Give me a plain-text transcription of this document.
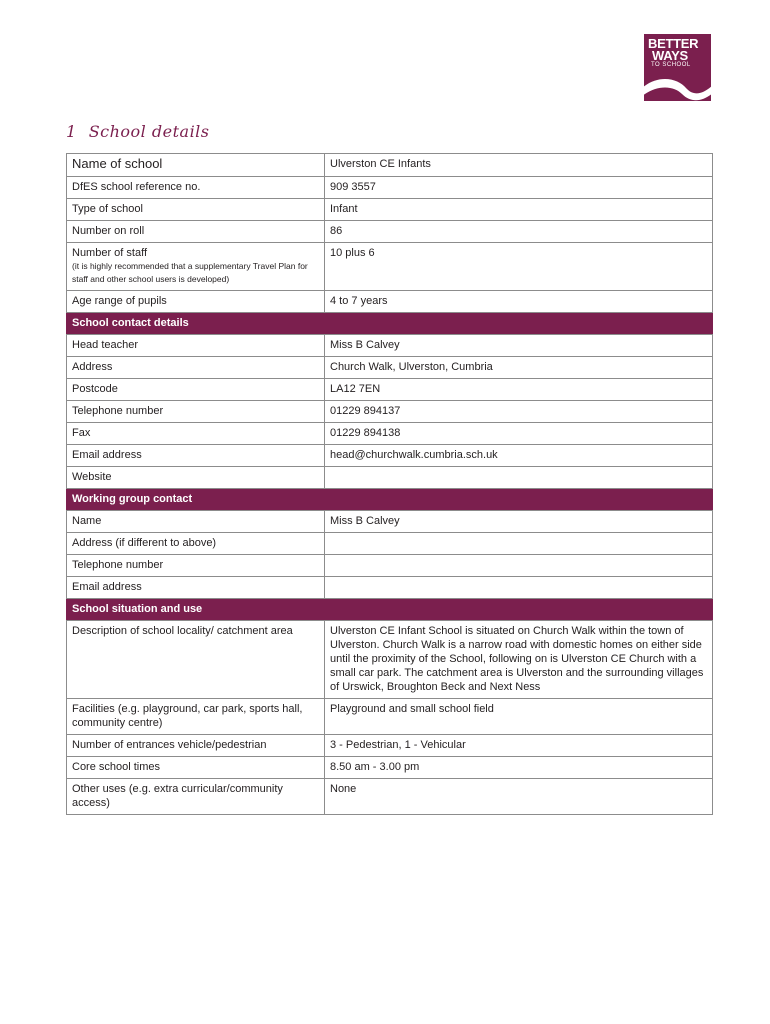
BETTER
WAYS
TO SCHOOL
1 School details
Name of school	Ulverston CE Infants
DfES school reference no.	909 3557
Type of school	Infant
Number on roll	86
Number of staff
(it is highly recommended that a supplementary Travel Plan for staff and other school users is developed)	10 plus 6
Age range of pupils	4 to 7 years
School contact details	
Head teacher	Miss B Calvey
Address	Church Walk, Ulverston, Cumbria
Postcode	LA12 7EN
Telephone number	01229 894137
Fax	01229 894138
Email address	head@churchwalk.cumbria.sch.uk
Website	
Working group contact	
Name	Miss B Calvey
Address (if different to above)	
Telephone number	
Email address	
School situation and use	
Description of school locality/ catchment area	Ulverston CE Infant School is situated on Church Walk within the town of Ulverston. Church Walk is a narrow road with domestic homes on either side until the proximity of the School, following on is Ulverston CE Church with a small car park. The catchment area is Ulverston and the surrounding villages of Urswick, Broughton Beck and Next Ness
Facilities (e.g. playground, car park, sports hall, community centre)	Playground and small school field
Number of entrances vehicle/pedestrian	3 - Pedestrian, 1 - Vehicular
Core school times	8.50 am - 3.00 pm
Other uses (e.g. extra curricular/community access)	None
